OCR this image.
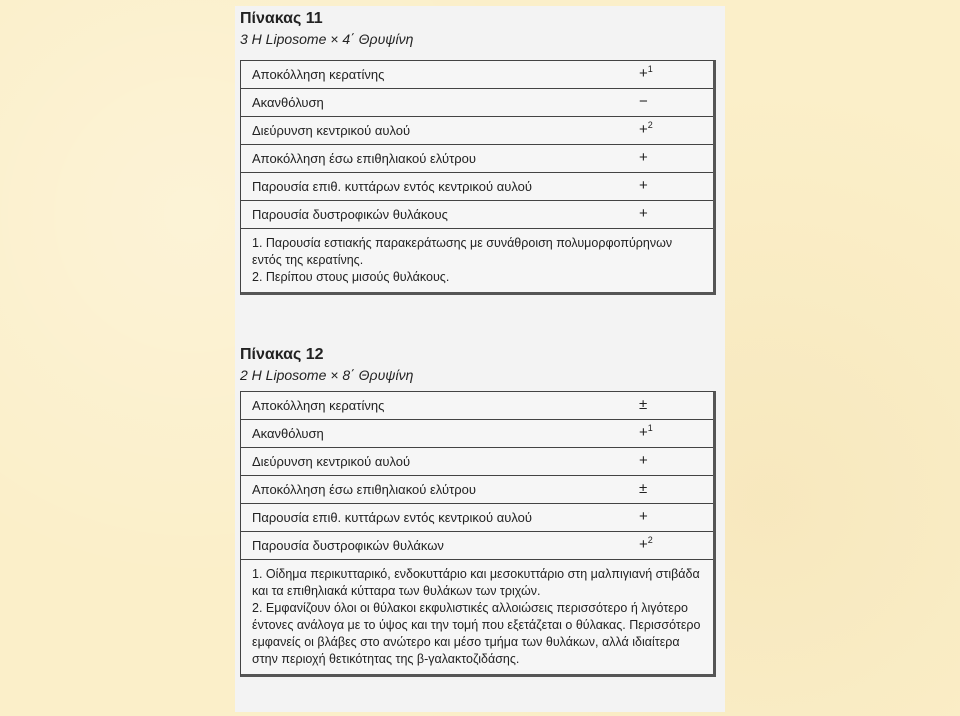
Πίνακας 11
3 Η Liposome × 4΄ Θρυψίνη
Αποκόλληση κερατίνης	+$^1$
Ακανθόλυση	−
Διεύρυνση κεντρικού αυλού	+$^2$
Αποκόλληση έσω επιθηλιακού ελύτρου	+
Παρουσία επιθ. κυττάρων εντός κεντρικού αυλού	+
Παρουσία δυστροφικών θυλάκους	+

1. Παρουσία εστιακής παρακεράτωσης με συνάθροιση πολυμορφοπύρηνων εντός της κερατίνης.

2. Περίπου στους μισούς θυλάκους.

Πίνακας 12
2 Η Liposome × 8΄ Θρυψίνη
Αποκόλληση κερατίνης	±
Ακανθόλυση	+$^1$
Διεύρυνση κεντρικού αυλού	+
Αποκόλληση έσω επιθηλιακού ελύτρου	±
Παρουσία επιθ. κυττάρων εντός κεντρικού αυλού	+
Παρουσία δυστροφικών θυλάκων	+$^2$

1. Οίδημα περικυτταρικό, ενδοκυττάριο και μεσοκυττάριο στη μαλπιγιανή στιβάδα και τα επιθηλιακά κύτταρα των θυλάκων των τριχών.

2. Εμφανίζουν όλοι οι θύλακοι εκφυλιστικές αλλοιώσεις περισσότερο ή λιγότερο έντονες ανάλογα με το ύψος και την τομή που εξετάζεται ο θύλακας. Περισσότερο εμφανείς οι βλάβες στο ανώτερο και μέσο τμήμα των θυλάκων, αλλά ιδιαίτερα στην περιοχή θετικότητας της β-γαλακτοζιδάσης.
